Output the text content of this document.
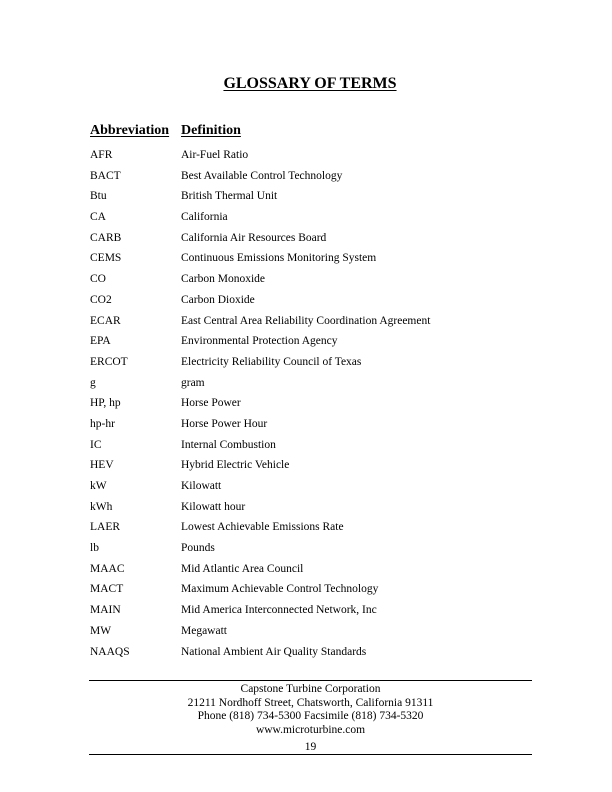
GLOSSARY OF TERMS
Abbreviation Definition
AFR	Air-Fuel Ratio
BACT	Best Available Control Technology
Btu	British Thermal Unit
CA	California
CARB	California Air Resources Board
CEMS	Continuous Emissions Monitoring System
CO	Carbon Monoxide
CO2	Carbon Dioxide
ECAR	East Central Area Reliability Coordination Agreement
EPA	Environmental Protection Agency
ERCOT	Electricity Reliability Council of Texas
g	gram
HP, hp	Horse Power
hp-hr	Horse Power Hour
IC	Internal Combustion
HEV	Hybrid Electric Vehicle
kW	Kilowatt
kWh	Kilowatt hour
LAER	Lowest Achievable Emissions Rate
lb	Pounds
MAAC	Mid Atlantic Area Council
MACT	Maximum Achievable Control Technology
MAIN	Mid America Interconnected Network, Inc
MW	Megawatt
NAAQS	National Ambient Air Quality Standards
Capstone Turbine Corporation
21211 Nordhoff Street, Chatsworth, California 91311
Phone (818) 734-5300 Facsimile (818) 734-5320
www.microturbine.com
19
